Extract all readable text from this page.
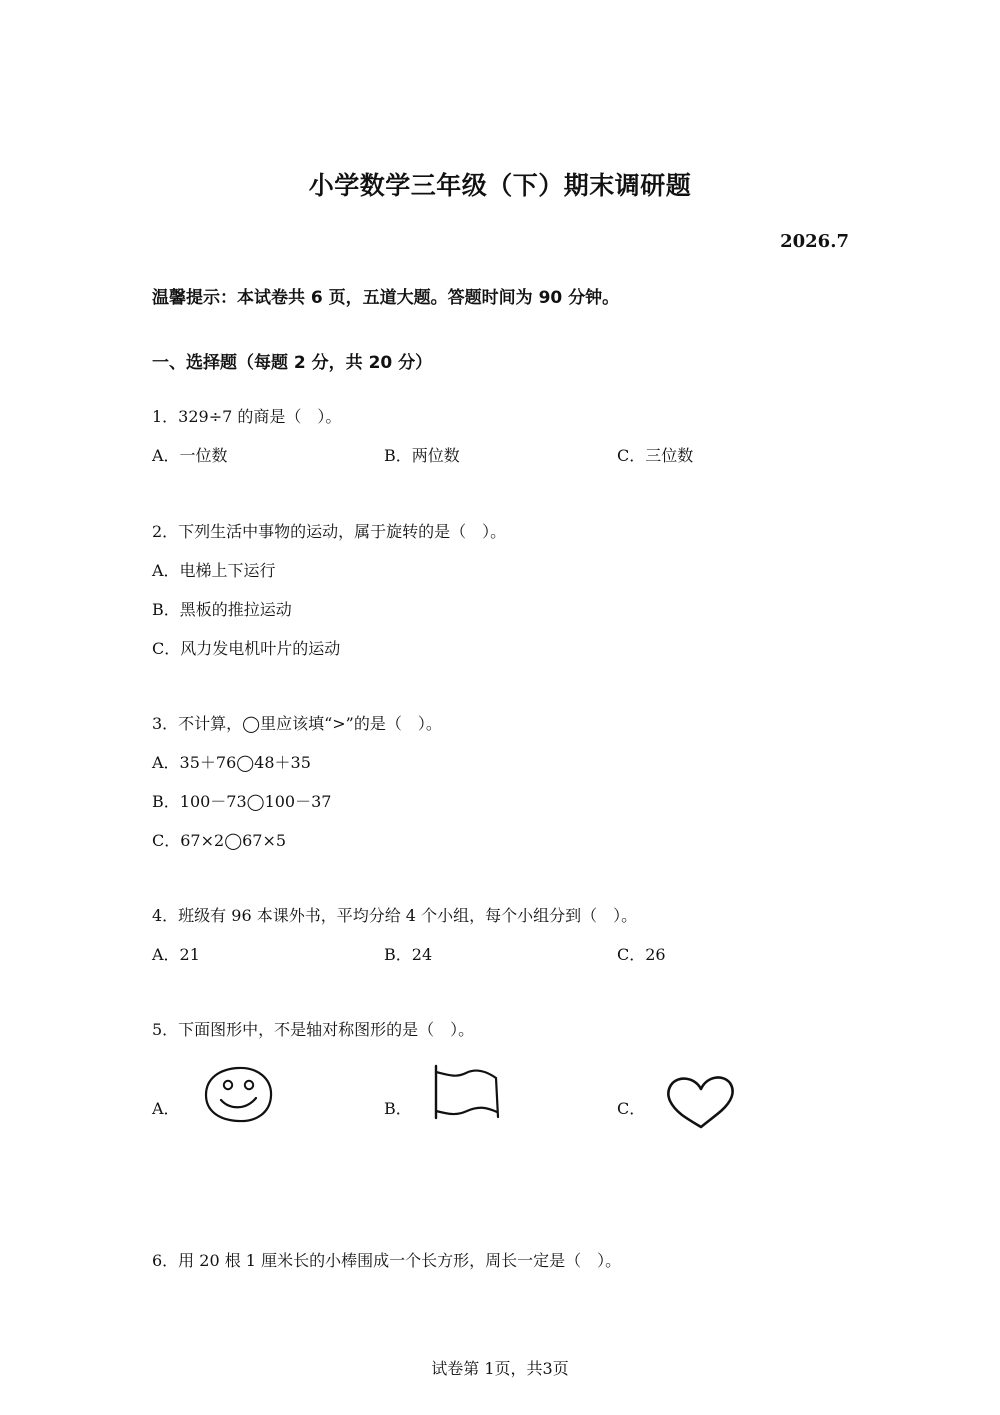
小学数学三年级（下）期末调研题
2026.7
温馨提示：本试卷共 6 页，五道大题。答题时间为 90 分钟。
一、选择题（每题 2 分，共 20 分）
1．329÷7 的商是（　）。
A．一位数	B．两位数	C．三位数
2．下列生活中事物的运动，属于旋转的是（　）。
A．电梯上下运行
B．黑板的推拉运动
C．风力发电机叶片的运动
3．不计算，◯里应该填“>”的是（　）。
A．35＋76◯48＋35
B．100－73◯100－37
C．67×2◯67×5
4．班级有 96 本课外书，平均分给 4 个小组，每个小组分到（　）。
A．21	B．24	C．26
5．下面图形中，不是轴对称图形的是（　）。
A．	B．	C．
6．用 20 根 1 厘米长的小棒围成一个长方形，周长一定是（　）。
试卷第 1页，共3页
